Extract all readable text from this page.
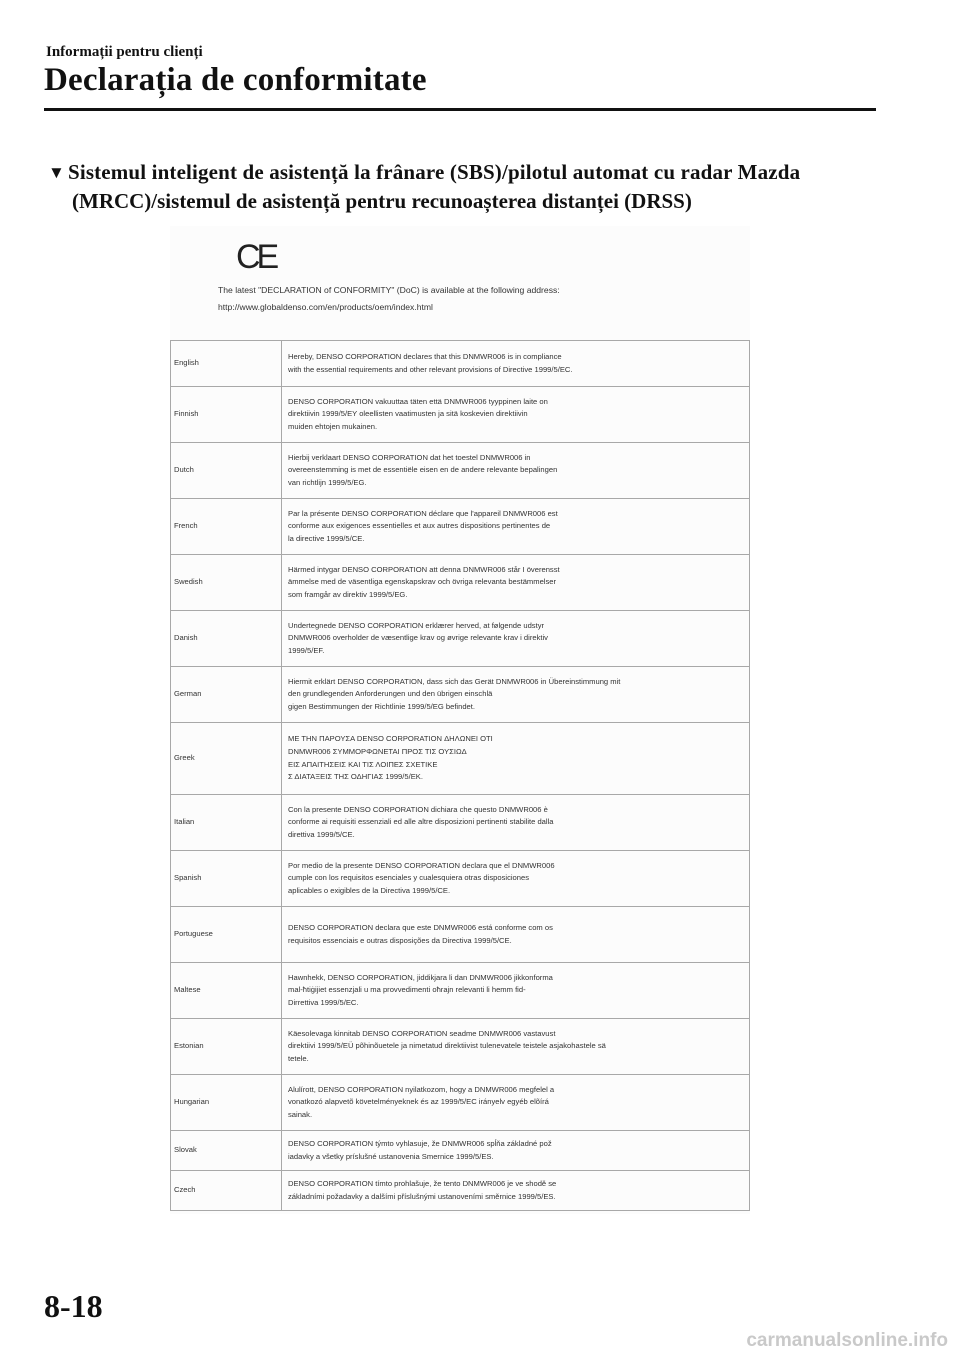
Informații pentru clienți
Declarația de conformitate
▼ Sistemul inteligent de asistență la frânare (SBS)/pilotul automat cu radar Mazda
(MRCC)/sistemul de asistență pentru recunoașterea distanței (DRSS)
CE
The latest "DECLARATION of CONFORMITY" (DoC) is available at the following address:
http://www.globaldenso.com/en/products/oem/index.html
English	Hereby, DENSO CORPORATION declares that this DNMWR006 is in compliance
with the essential requirements and other relevant provisions of Directive 1999/5/EC.
Finnish	DENSO CORPORATION vakuuttaa täten että DNMWR006 tyyppinen laite on
direktiivin 1999/5/EY oleellisten vaatimusten ja sitä koskevien direktiivin
muiden ehtojen mukainen.
Dutch	Hierbij verklaart DENSO CORPORATION dat het toestel DNMWR006 in
overeenstemming is met de essentiële eisen en de andere relevante bepalingen
van richtlijn 1999/5/EG.
French	Par la présente DENSO CORPORATION déclare que l'appareil DNMWR006 est
conforme aux exigences essentielles et aux autres dispositions pertinentes de
la directive 1999/5/CE.
Swedish	Härmed intygar DENSO CORPORATION att denna DNMWR006 står I överensst
ämmelse med de väsentliga egenskapskrav och övriga relevanta bestämmelser
som framgår av direktiv 1999/5/EG.
Danish	Undertegnede DENSO CORPORATION erklærer herved, at følgende udstyr
DNMWR006 overholder de væsentlige krav og øvrige relevante krav i direktiv
1999/5/EF.
German	Hiermit erklärt DENSO CORPORATION, dass sich das Gerät DNMWR006 in Übereinstimmung mit
den grundlegenden Anforderungen und den übrigen einschlä
gigen Bestimmungen der Richtlinie 1999/5/EG befindet.
Greek	ΜΕ ΤΗΝ ΠΑΡΟΥΣΑ DENSO CORPORATION ΔΗΛΩΝΕΙ ΟΤΙ
DNMWR006 ΣΥΜΜΟΡΦΩΝΕΤΑΙ ΠΡΟΣ ΤΙΣ ΟΥΣΙΩΔ
ΕΙΣ ΑΠΑΙΤΗΣΕΙΣ ΚΑΙ ΤΙΣ ΛΟΙΠΕΣ ΣΧΕΤΙΚΕ
Σ ΔΙΑΤΑΞΕΙΣ ΤΗΣ ΟΔΗΓΙΑΣ 1999/5/ΕΚ.
Italian	Con la presente DENSO CORPORATION dichiara che questo DNMWR006 è
conforme ai requisiti essenziali ed alle altre disposizioni pertinenti stabilite dalla
direttiva 1999/5/CE.
Spanish	Por medio de la presente DENSO CORPORATION declara que el DNMWR006
cumple con los requisitos esenciales y cualesquiera otras disposiciones
aplicables o exigibles de la Directiva 1999/5/CE.
Portuguese	DENSO CORPORATION declara que este DNMWR006 está conforme com os
requisitos essenciais e outras disposições da Directiva 1999/5/CE.
Maltese	Hawnhekk, DENSO CORPORATION, jiddikjara li dan DNMWR006 jikkonforma
mal-ħtiġijiet essenzjali u ma provvedimenti oħrajn relevanti li hemm fid-
Dirrettiva 1999/5/EC.
Estonian	Käesolevaga kinnitab DENSO CORPORATION seadme DNMWR006 vastavust
direktiivi 1999/5/EÜ põhinõuetele ja nimetatud direktiivist tulenevatele teistele asjakohastele sä
tetele.
Hungarian	Alulírott, DENSO CORPORATION nyilatkozom, hogy a DNMWR006 megfelel a
vonatkozó alapvetõ követelményeknek és az 1999/5/EC irányelv egyéb elõírá
sainak.
Slovak	DENSO CORPORATION týmto vyhlasuje, že DNMWR006 spĺňa základné pož
iadavky a všetky príslušné ustanovenia Smernice 1999/5/ES.
Czech	DENSO CORPORATION tímto prohlašuje, že tento DNMWR006 je ve shodě se
základními požadavky a dalšími příslušnými ustanoveními směrnice 1999/5/ES.
8-18
carmanualsonline.info
